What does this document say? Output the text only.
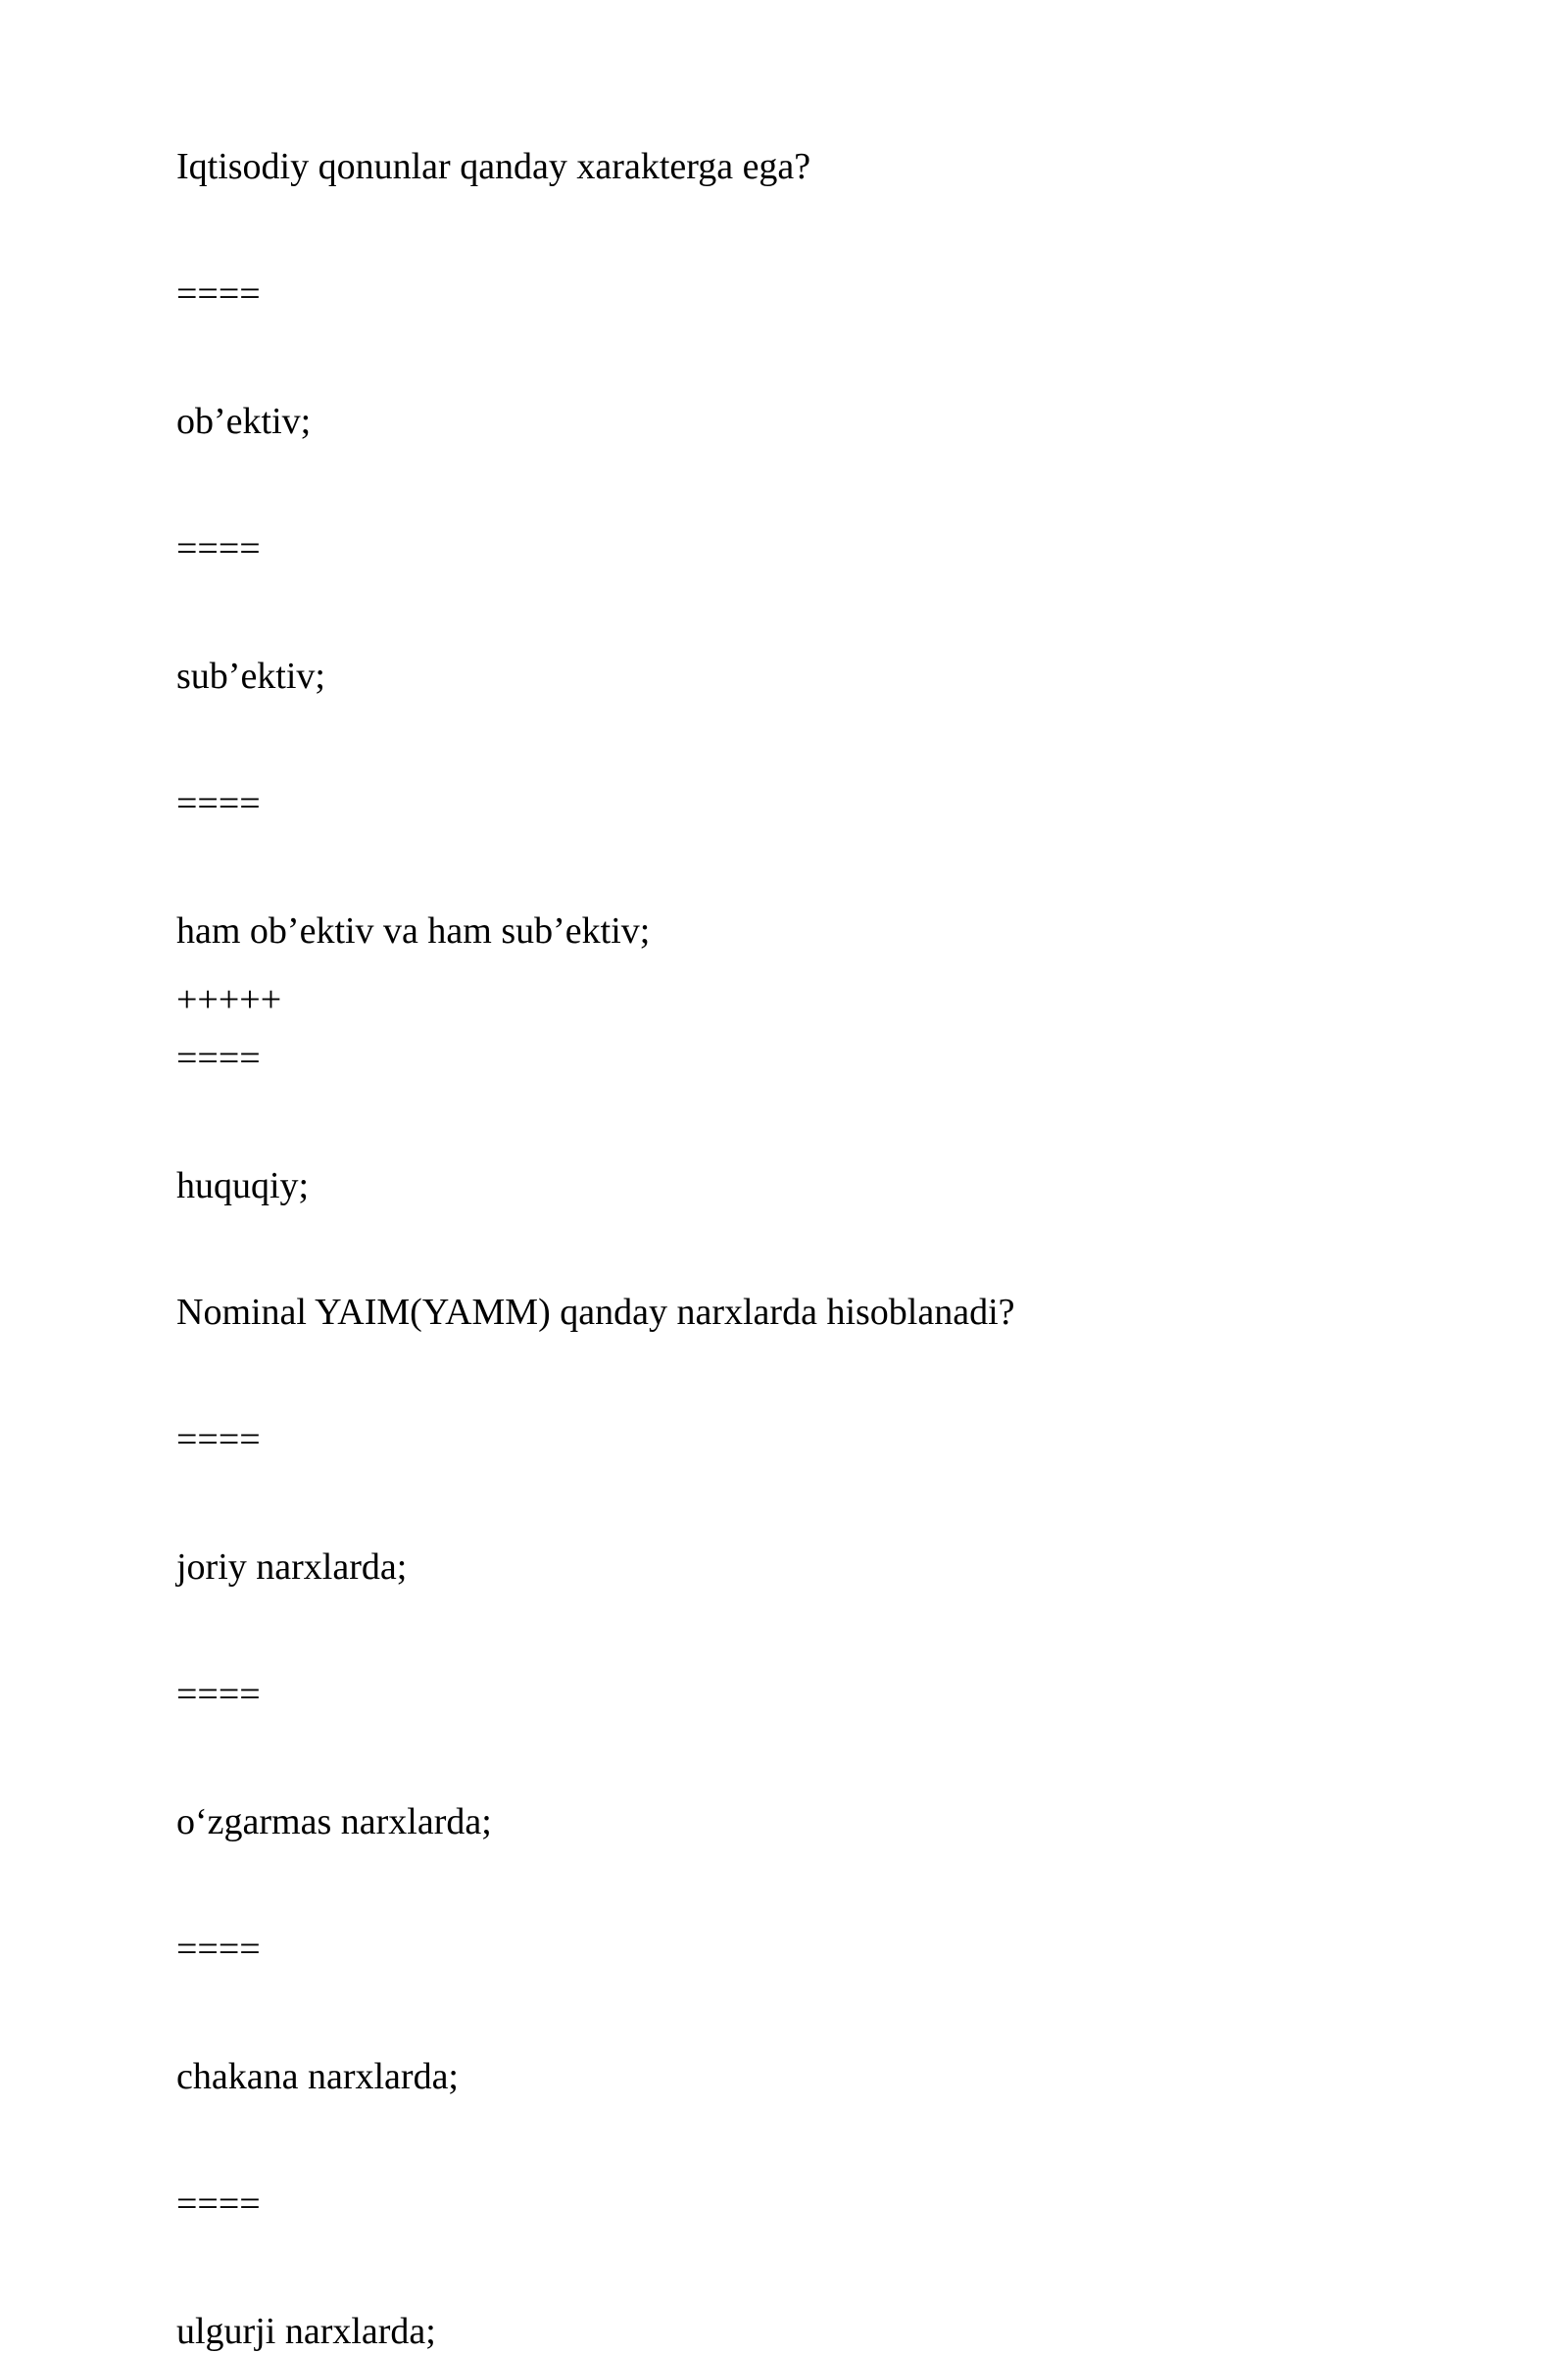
Iqtisodiy qonunlar qanday xarakterga ega?
====
ob’ektiv;
====
sub’ektiv;
====
ham ob’ektiv va ham sub’ektiv;
====
huquqiy;
+++++
Nominal YAIM(YAMM) qanday narxlarda hisoblanadi?
====
joriy narxlarda;
====
o‘zgarmas narxlarda;
====
chakana narxlarda;
====
ulgurji narxlarda;
